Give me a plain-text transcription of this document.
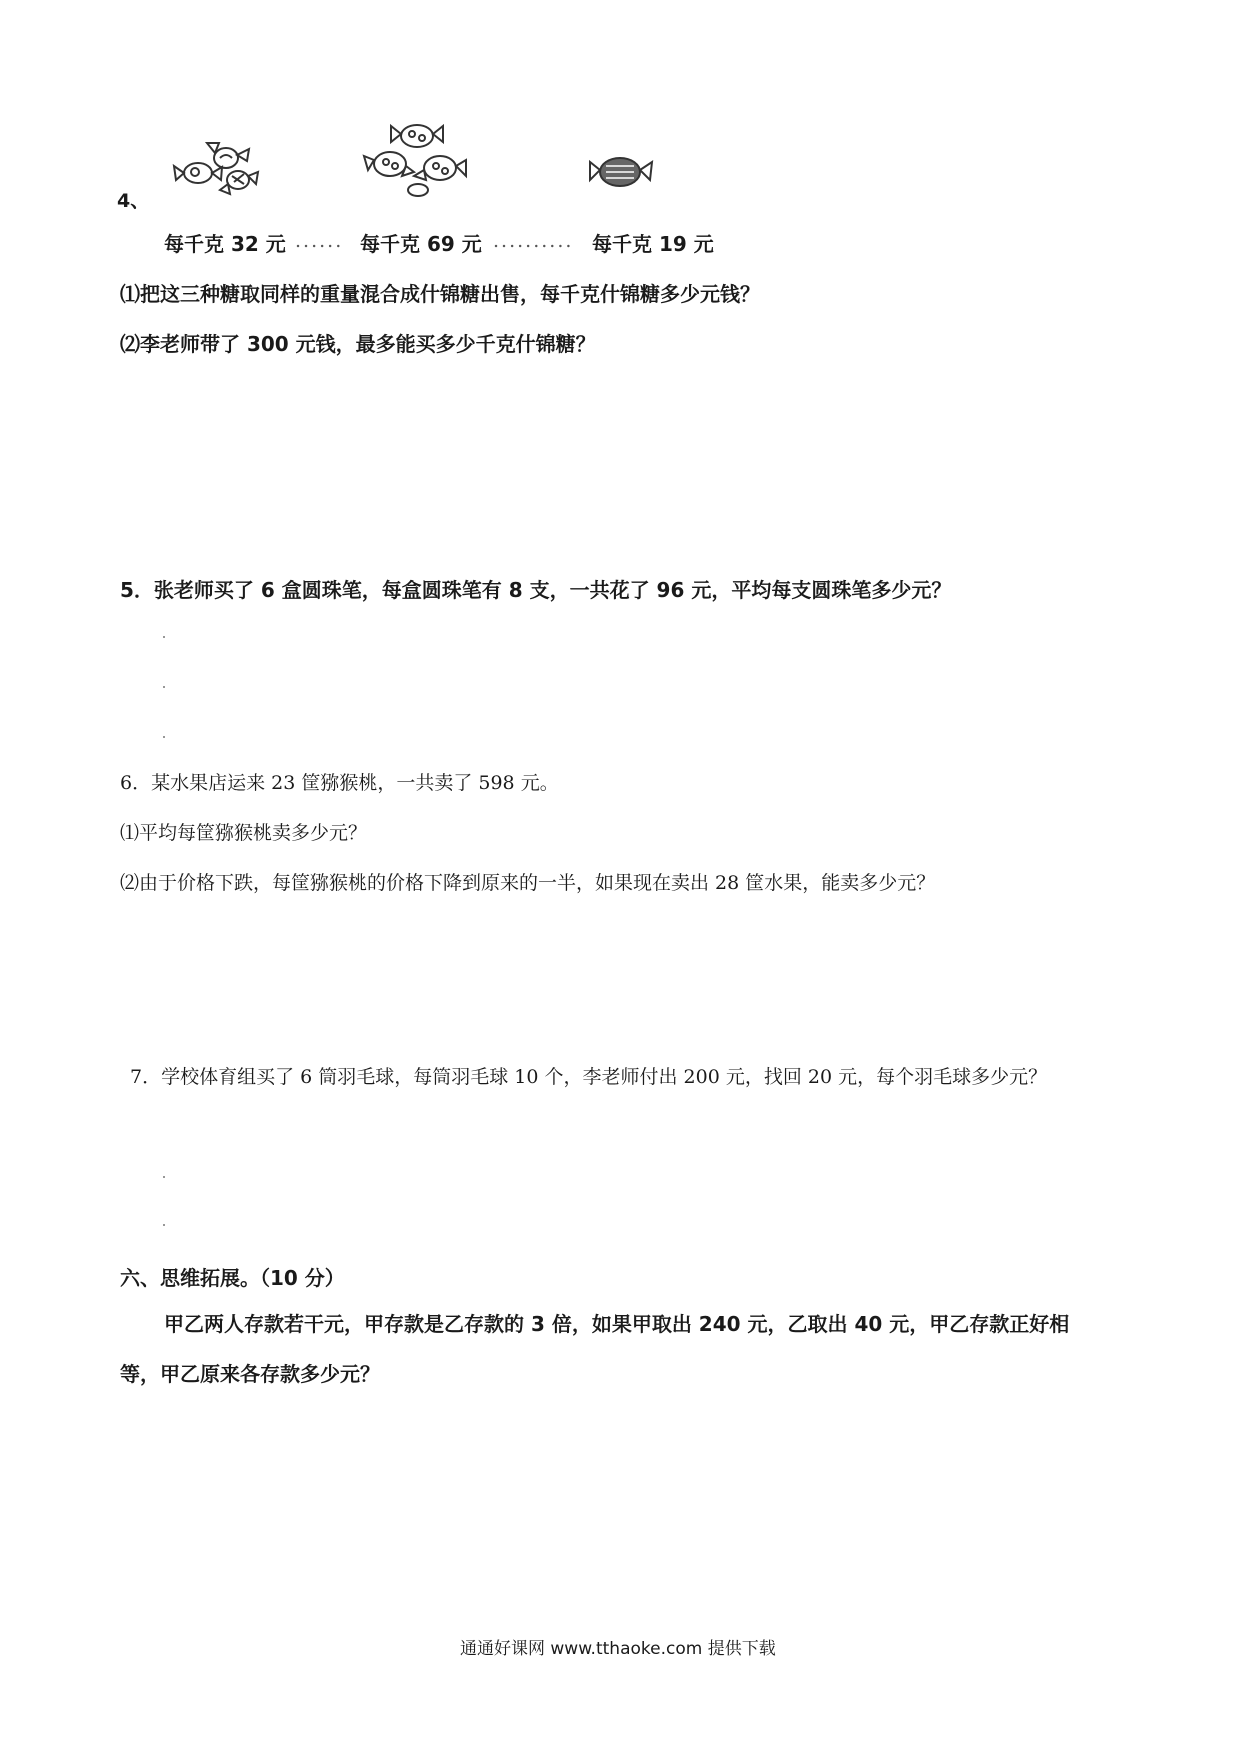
4、
每千克 32 元 ...... 每千克 69 元 .......... 每千克 19 元
⑴把这三种糖取同样的重量混合成什锦糖出售，每千克什锦糖多少元钱？
⑵李老师带了 300 元钱，最多能买多少千克什锦糖？
5．张老师买了 6 盒圆珠笔，每盒圆珠笔有 8 支，一共花了 96 元，平均每支圆珠笔多少元？
6．某水果店运来 23 筐猕猴桃，一共卖了 598 元。
⑴平均每筐猕猴桃卖多少元？
⑵由于价格下跌，每筐猕猴桃的价格下降到原来的一半，如果现在卖出 28 筐水果，能卖多少元？
7．学校体育组买了 6 筒羽毛球，每筒羽毛球 10 个，李老师付出 200 元，找回 20 元，每个羽毛球多少元？
六、思维拓展。（10 分）
甲乙两人存款若干元，甲存款是乙存款的 3 倍，如果甲取出 240 元，乙取出 40 元，甲乙存款正好相
等，甲乙原来各存款多少元？
通通好课网 www.tthaoke.com 提供下载
